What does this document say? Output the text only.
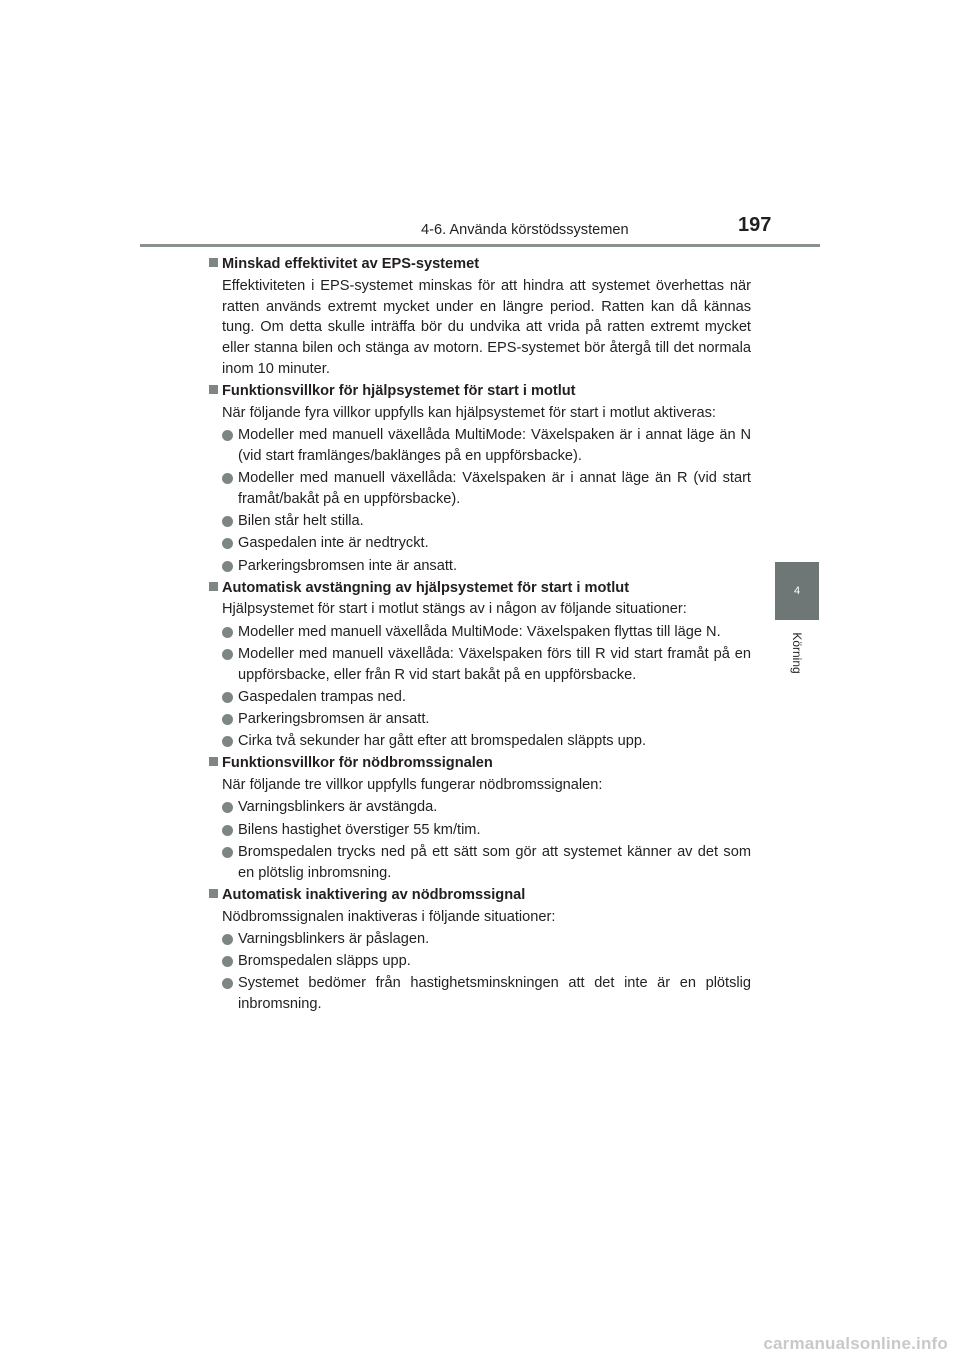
4-6. Använda körstödssystemen	197
4
Körning
Minskad effektivitet av EPS-systemet
Effektiviteten i EPS-systemet minskas för att hindra att systemet överhettas när ratten används extremt mycket under en längre period. Ratten kan då kännas tung. Om detta skulle inträffa bör du undvika att vrida på ratten extremt mycket eller stanna bilen och stänga av motorn. EPS-systemet bör återgå till det normala inom 10 minuter.
Funktionsvillkor för hjälpsystemet för start i motlut
När följande fyra villkor uppfylls kan hjälpsystemet för start i motlut aktiveras:
Modeller med manuell växellåda MultiMode: Växelspaken är i annat läge än N (vid start framlänges/baklänges på en uppförsbacke).
Modeller med manuell växellåda: Växelspaken är i annat läge än R (vid start framåt/bakåt på en uppförsbacke).
Bilen står helt stilla.
Gaspedalen inte är nedtryckt.
Parkeringsbromsen inte är ansatt.
Automatisk avstängning av hjälpsystemet för start i motlut
Hjälpsystemet för start i motlut stängs av i någon av följande situationer:
Modeller med manuell växellåda MultiMode: Växelspaken flyttas till läge N.
Modeller med manuell växellåda: Växelspaken förs till R vid start framåt på en uppförsbacke, eller från R vid start bakåt på en uppförsbacke.
Gaspedalen trampas ned.
Parkeringsbromsen är ansatt.
Cirka två sekunder har gått efter att bromspedalen släppts upp.
Funktionsvillkor för nödbromssignalen
När följande tre villkor uppfylls fungerar nödbromssignalen:
Varningsblinkers är avstängda.
Bilens hastighet överstiger 55 km/tim.
Bromspedalen trycks ned på ett sätt som gör att systemet känner av det som en plötslig inbromsning.
Automatisk inaktivering av nödbromssignal
Nödbromssignalen inaktiveras i följande situationer:
Varningsblinkers är påslagen.
Bromspedalen släpps upp.
Systemet bedömer från hastighetsminskningen att det inte är en plötslig inbromsning.
carmanualsonline.info
